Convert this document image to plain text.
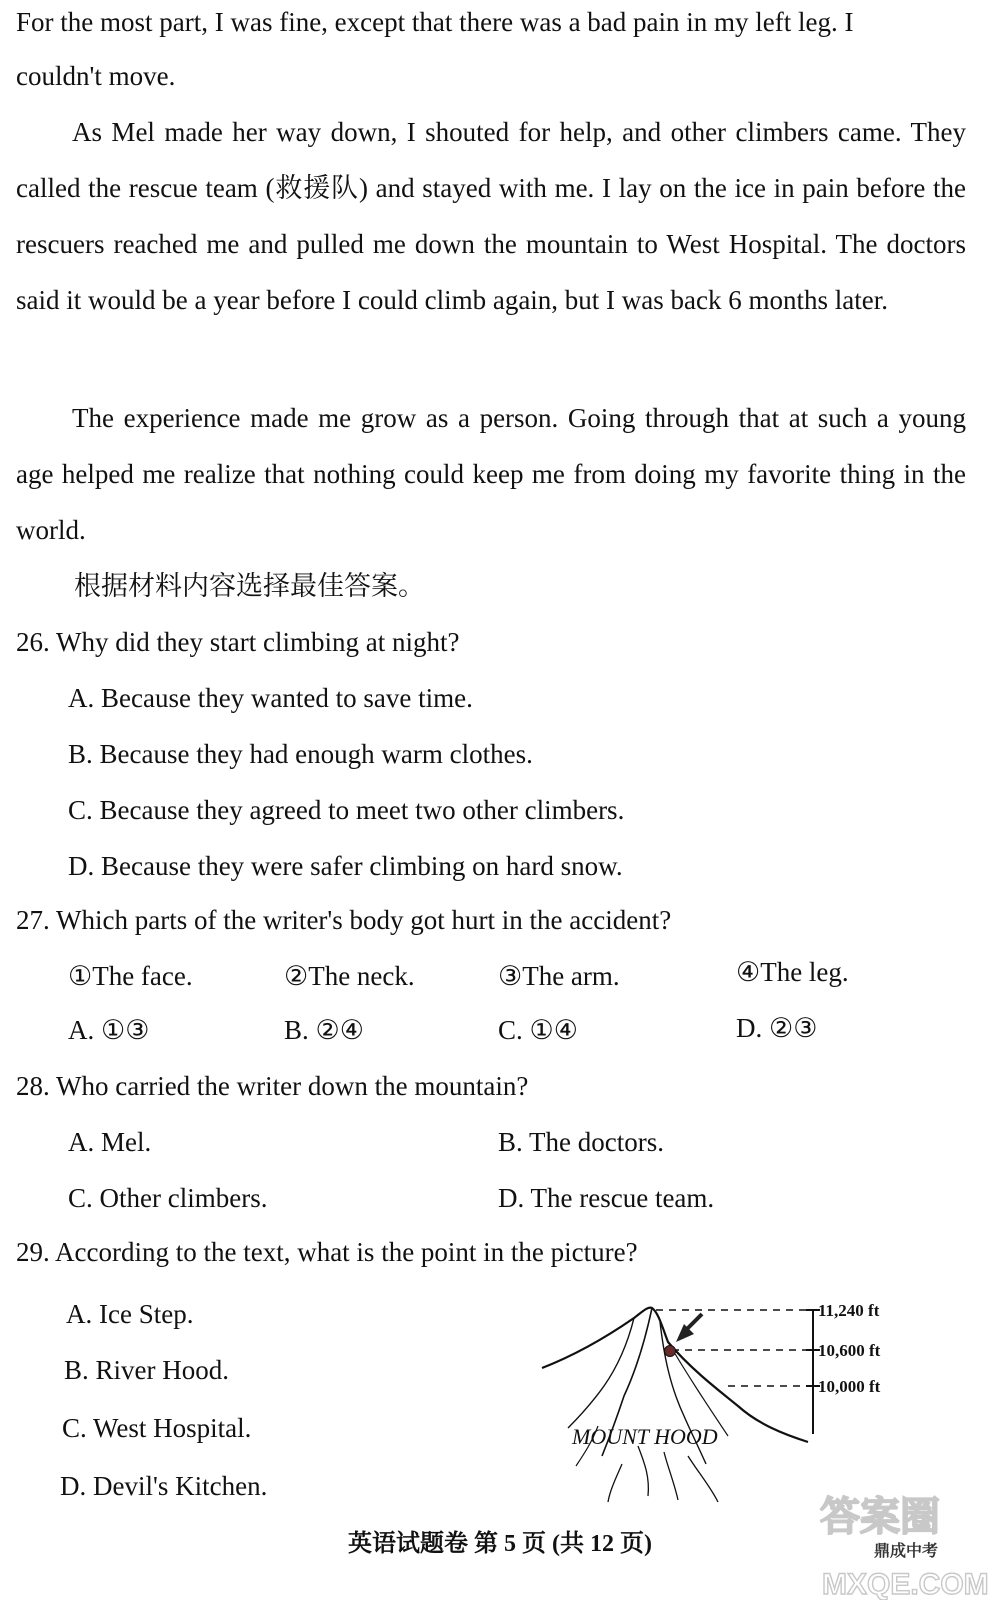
For the most part, I was fine, except that there was a bad pain in my left leg. I
couldn't move.
As Mel made her way down, I shouted for help, and other climbers came. They called the rescue team (救援队) and stayed with me. I lay on the ice in pain before the rescuers reached me and pulled me down the mountain to West Hospital. The doctors said it would be a year before I could climb again, but I was back 6 months later.
The experience made me grow as a person. Going through that at such a young age helped me realize that nothing could keep me from doing my favorite thing in the world.
根据材料内容选择最佳答案。
26. Why did they start climbing at night?
A. Because they wanted to save time.
B. Because they had enough warm clothes.
C. Because they agreed to meet two other climbers.
D. Because they were safer climbing on hard snow.
27. Which parts of the writer's body got hurt in the accident?
①The face.	②The neck.	③The arm.	④The leg.
A. ①③	B. ②④	C. ①④	D. ②③
28. Who carried the writer down the mountain?
A. Mel.	B. The doctors.
C. Other climbers.	D. The rescue team.
29. According to the text, what is the point in the picture?
A. Ice Step.
B. River Hood.
C. West Hospital.
D. Devil's Kitchen.
MOUNT HOOD
11,240 ft
10,600 ft
10,000 ft
答案圈
鼎成中考
MXQE.COM
英语试题卷 第 5 页 (共 12 页)
